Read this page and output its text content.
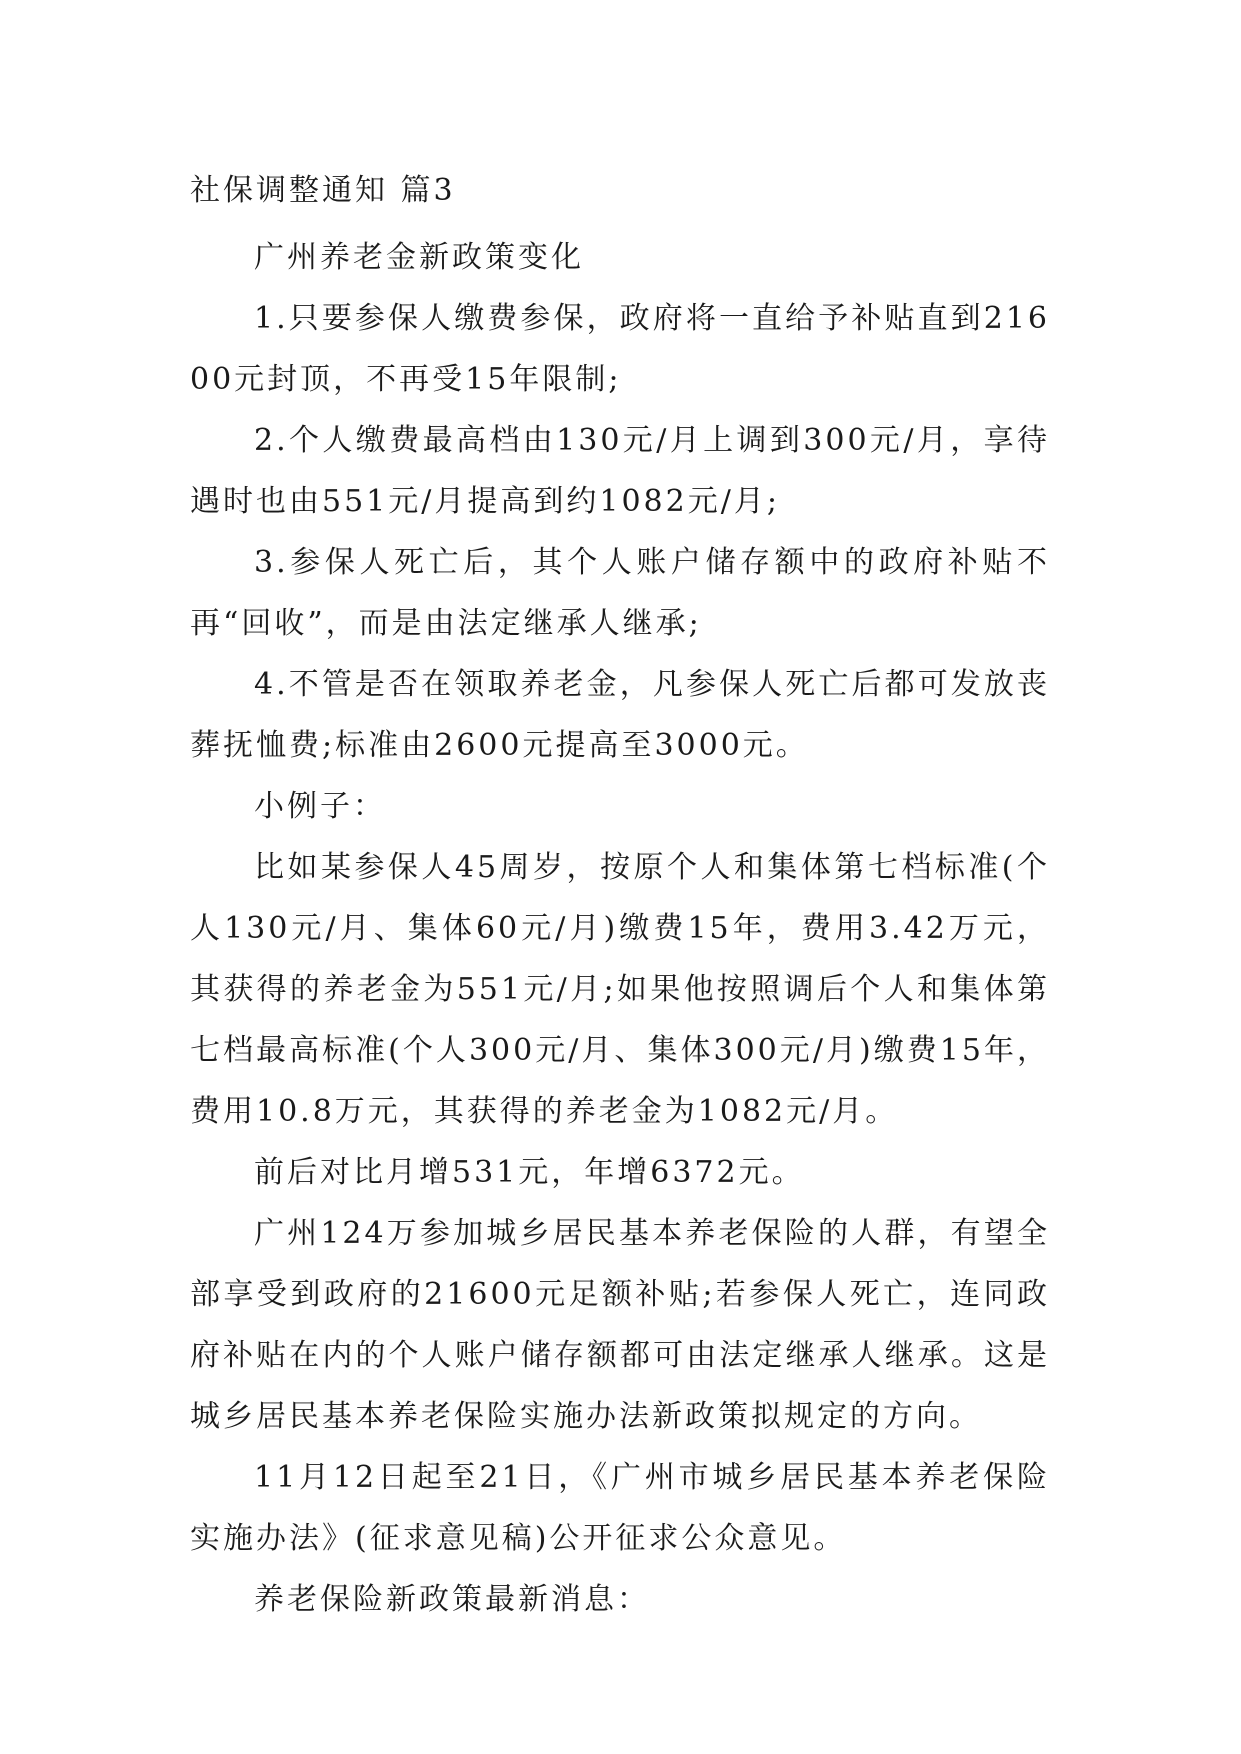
社保调整通知 篇3

广州养老金新政策变化

1.只要参保人缴费参保，政府将一直给予补贴直到21600元封顶，不再受15年限制;

2.个人缴费最高档由130元/月上调到300元/月，享待遇时也由551元/月提高到约1082元/月;

3.参保人死亡后，其个人账户储存额中的政府补贴不再“回收”，而是由法定继承人继承;

4.不管是否在领取养老金，凡参保人死亡后都可发放丧葬抚恤费;标准由2600元提高至3000元。

小例子：

比如某参保人45周岁，按原个人和集体第七档标准(个人130元/月、集体60元/月)缴费15年，费用3.42万元，其获得的养老金为551元/月;如果他按照调后个人和集体第七档最高标准(个人300元/月、集体300元/月)缴费15年，费用10.8万元，其获得的养老金为1082元/月。

前后对比月增531元，年增6372元。

广州124万参加城乡居民基本养老保险的人群，有望全部享受到政府的21600元足额补贴;若参保人死亡，连同政府补贴在内的个人账户储存额都可由法定继承人继承。这是城乡居民基本养老保险实施办法新政策拟规定的方向。

11月12日起至21日，《广州市城乡居民基本养老保险实施办法》(征求意见稿)公开征求公众意见。

养老保险新政策最新消息：
